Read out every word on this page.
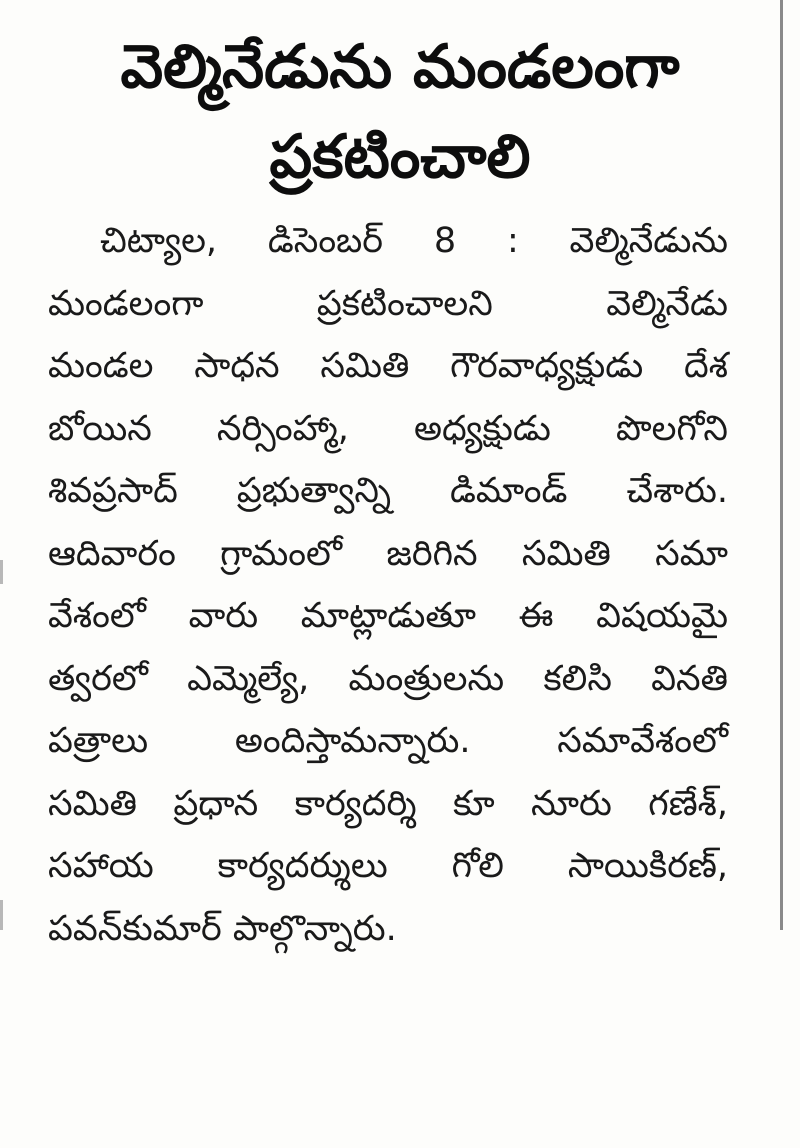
వెల్మినేడును మండలంగా
ప్రకటించాలి
చిట్యాల, డిసెంబర్ 8 : వెల్మినేడును
మండలంగా ప్రకటించాలని వెల్మినేడు
మండల సాధన సమితి గౌరవాధ్యక్షుడు దేశ
బోయిన నర్సింహ్మా, అధ్యక్షుడు పొలగోని
శివప్రసాద్ ప్రభుత్వాన్ని డిమాండ్ చేశారు.
ఆదివారం గ్రామంలో జరిగిన సమితి సమా
వేశంలో వారు మాట్లాడుతూ ఈ విషయమై
త్వరలో ఎమ్మెల్యే, మంత్రులను కలిసి వినతి
పత్రాలు అందిస్తామన్నారు. సమావేశంలో
సమితి ప్రధాన కార్యదర్శి కూ నూరు గణేశ్,
సహాయ కార్యదర్శులు గోలి సాయికిరణ్,
పవన్‌కుమార్ పాల్గొన్నారు.
